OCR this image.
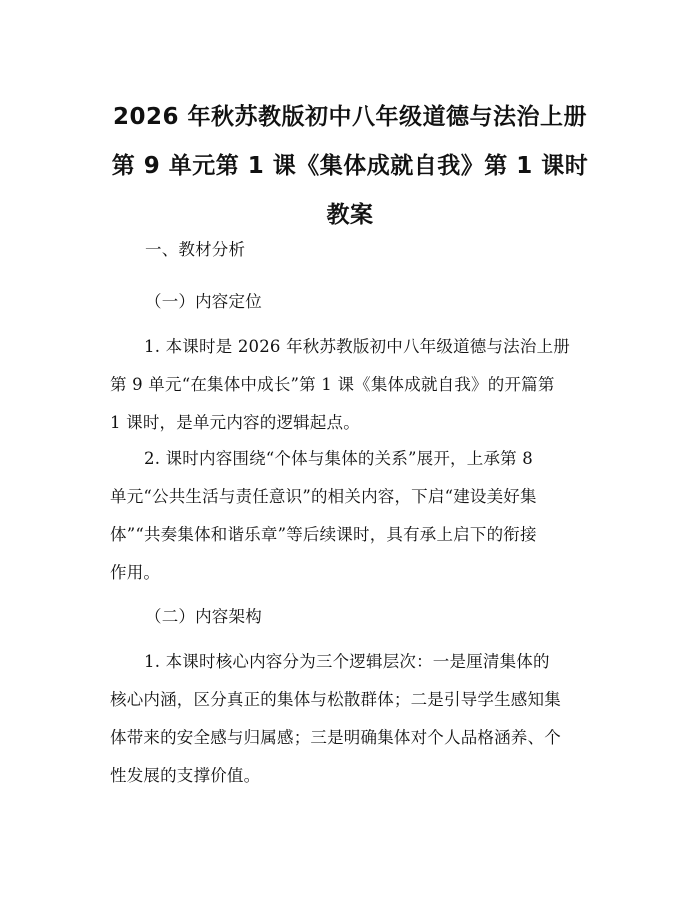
2026 年秋苏教版初中八年级道德与法治上册
第 9 单元第 1 课《集体成就自我》第 1 课时
教案
一、教材分析
（一）内容定位
1. 本课时是 2026 年秋苏教版初中八年级道德与法治上册
第 9 单元“在集体中成长”第 1 课《集体成就自我》的开篇第
1 课时，是单元内容的逻辑起点。
2. 课时内容围绕“个体与集体的关系”展开，上承第 8
单元“公共生活与责任意识”的相关内容，下启“建设美好集
体”“共奏集体和谐乐章”等后续课时，具有承上启下的衔接
作用。
（二）内容架构
1. 本课时核心内容分为三个逻辑层次：一是厘清集体的
核心内涵，区分真正的集体与松散群体；二是引导学生感知集
体带来的安全感与归属感；三是明确集体对个人品格涵养、个
性发展的支撑价值。
